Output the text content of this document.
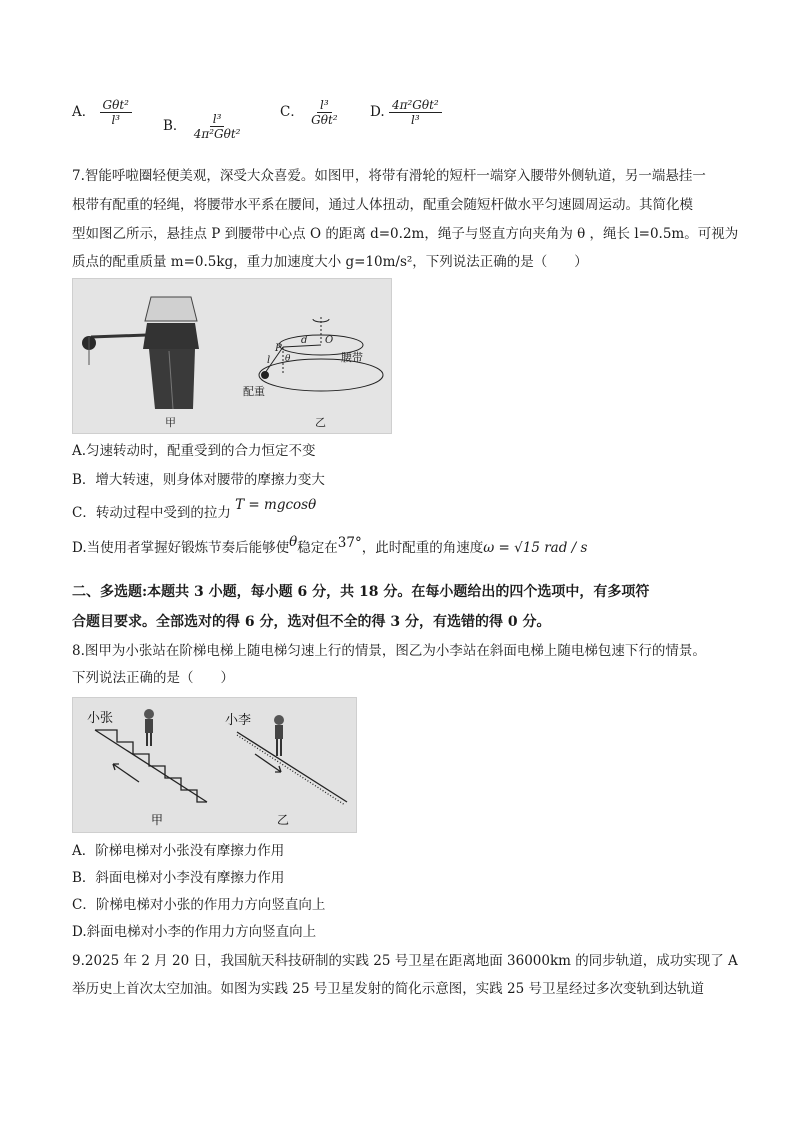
A． $\frac{\text{Gθt²}}{\text{l³}}$ B． $\frac{\text{l³}}{\text{4π²Gθt²}}$	C． $\frac{\text{l³}}{\text{Gθt²}} D$. $\frac{\text{4π²Gθt²}}{\text{l³}}$
7.智能呼啦圈轻便美观，深受大众喜爱。如图甲，将带有滑轮的短杆一端穿入腰带外侧轨道，另一端悬挂一
根带有配重的轻绳，将腰带水平系在腰间，通过人体扭动，配重会随短杆做水平匀速圆周运动。其简化模
型如图乙所示，悬挂点 P 到腰带中心点 O 的距离 d=0.2m，绳子与竖直方向夹角为 θ ，绳长 l=0.5m。可视为
质点的配重质量 m=0.5kg，重力加速度大小 g=10m/s²，下列说法正确的是（　　）
甲
d O
P
l θ	腰带
配重
乙
A.匀速转动时，配重受到的合力恒定不变
B．增大转速，则身体对腰带的摩擦力变大
C．转动过程中受到的拉力 T = mgcosθ
D.当使用者掌握好锻炼节奏后能够使θ稳定在37°，此时配重的角速度ω = √15 rad / s
二、多选题:本题共 3 小题，每小题 6 分，共 18 分。在每小题给出的四个选项中，有多项符
合题目要求。全部选对的得 6 分，选对但不全的得 3 分，有选错的得 0 分。
8.图甲为小张站在阶梯电梯上随电梯匀速上行的情景，图乙为小李站在斜面电梯上随电梯包速下行的情景。
下列说法正确的是（　　）
小张	小李
甲	乙
A．阶梯电梯对小张没有摩擦力作用
B．斜面电梯对小李没有摩擦力作用
C．阶梯电梯对小张的作用力方向竖直向上
D.斜面电梯对小李的作用力方向竖直向上
9.2025 年 2 月 20 日，我国航天科技研制的实践 25 号卫星在距离地面 36000km 的同步轨道，成功实现了 A
举历史上首次太空加油。如图为实践 25 号卫星发射的简化示意图，实践 25 号卫星经过多次变轨到达轨道
